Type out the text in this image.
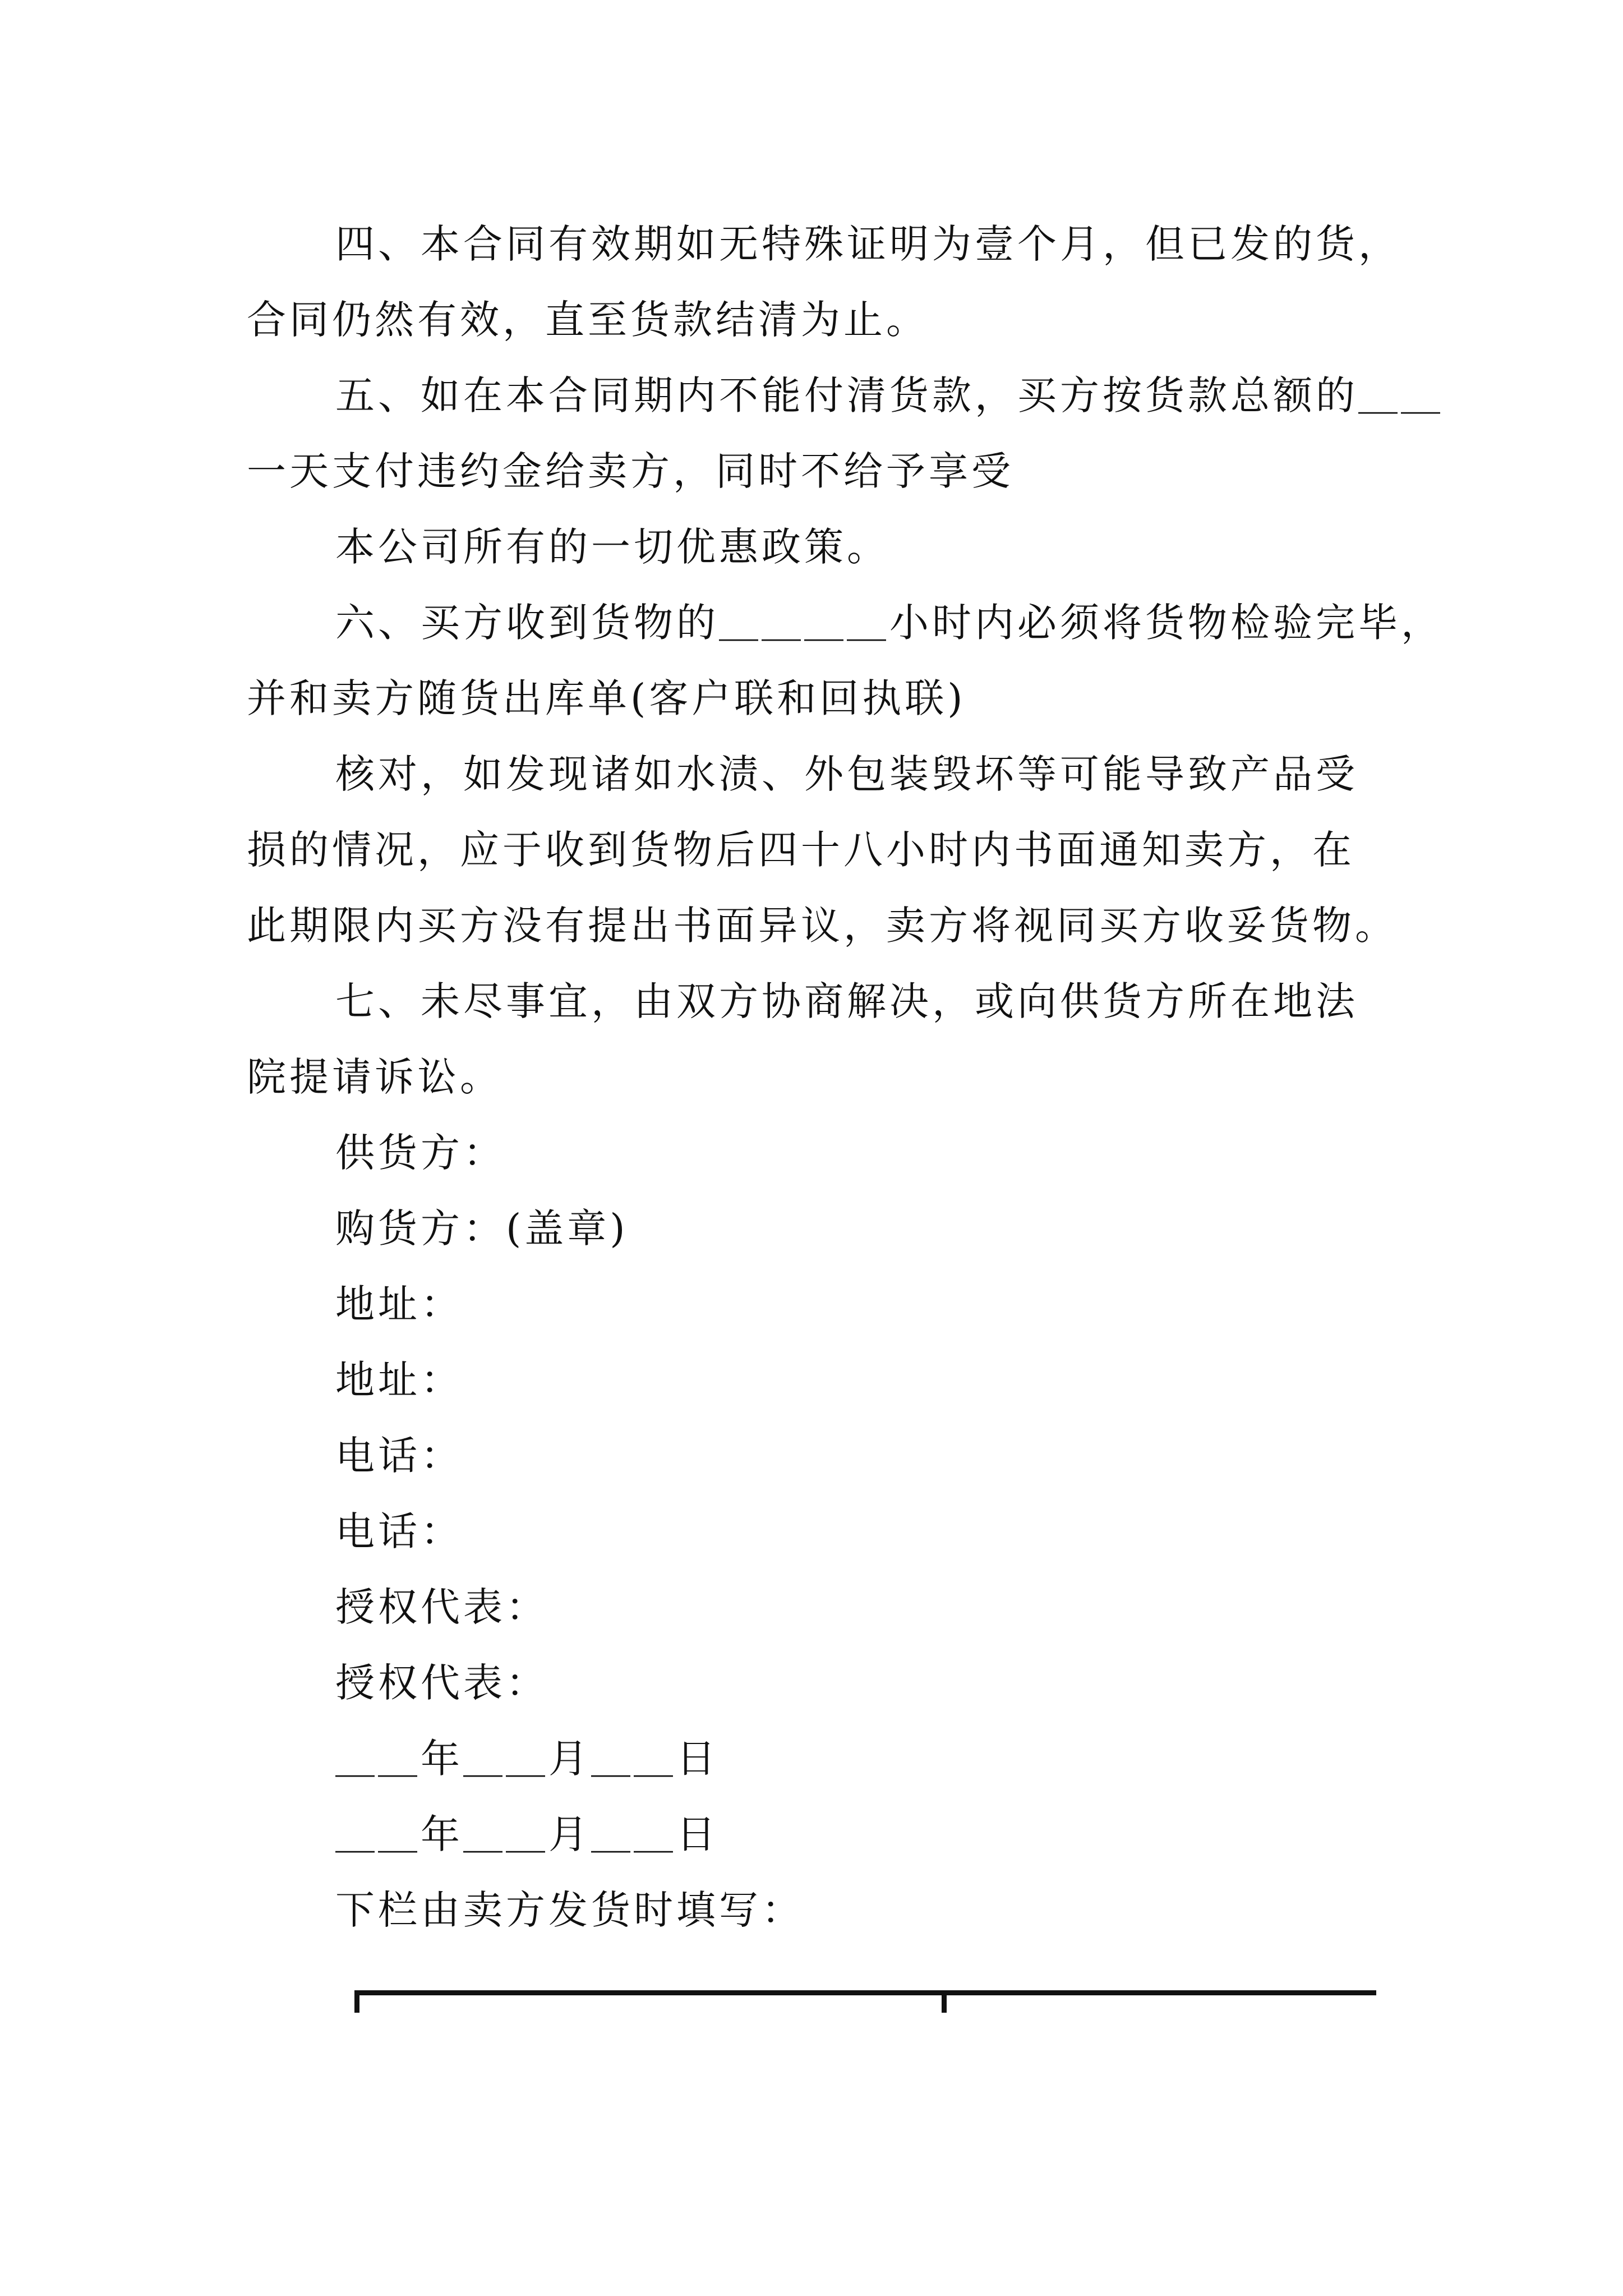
四、本合同有效期如无特殊证明为壹个月，但已发的货，
合同仍然有效，直至货款结清为止。
五、如在本合同期内不能付清货款，买方按货款总额的＿＿
一天支付违约金给卖方，同时不给予享受
本公司所有的一切优惠政策。
六、买方收到货物的＿＿＿＿小时内必须将货物检验完毕，
并和卖方随货出库单(客户联和回执联)
核对，如发现诸如水渍、外包装毁坏等可能导致产品受
损的情况，应于收到货物后四十八小时内书面通知卖方，在
此期限内买方没有提出书面异议，卖方将视同买方收妥货物。
七、未尽事宜，由双方协商解决，或向供货方所在地法
院提请诉讼。
供货方：
购货方：(盖章)
地址：
地址：
电话：
电话：
授权代表：
授权代表：
＿＿年＿＿月＿＿日
＿＿年＿＿月＿＿日
下栏由卖方发货时填写：
